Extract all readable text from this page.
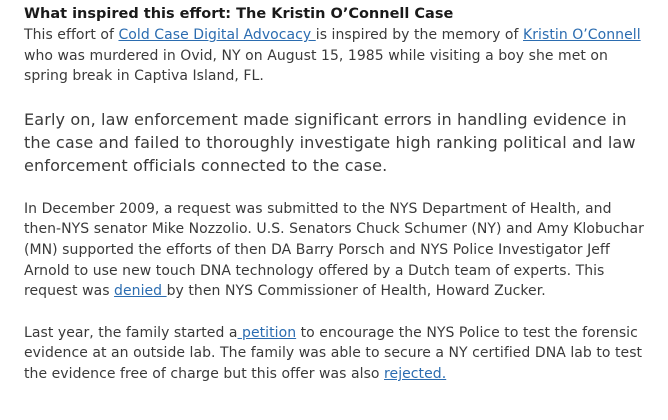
What inspired this effort: The Kristin O’Connell Case

This effort of Cold Case Digital Advocacy is inspired by the memory of Kristin O’Connell who was murdered in Ovid, NY on August 15, 1985 while visiting a boy she met on spring break in Captiva Island, FL.

Early on, law enforcement made significant errors in handling evidence in the case and failed to thoroughly investigate high ranking political and law enforcement officials connected to the case.

In December 2009, a request was submitted to the NYS Department of Health, and then-NYS senator Mike Nozzolio. U.S. Senators Chuck Schumer (NY) and Amy Klobuchar (MN) supported the efforts of then DA Barry Porsch and NYS Police Investigator Jeff Arnold to use new touch DNA technology offered by a Dutch team of experts. This request was denied by then NYS Commissioner of Health, Howard Zucker.

Last year, the family started a petition to encourage the NYS Police to test the forensic evidence at an outside lab. The family was able to secure a NY certified DNA lab to test the evidence free of charge but this offer was also rejected.
